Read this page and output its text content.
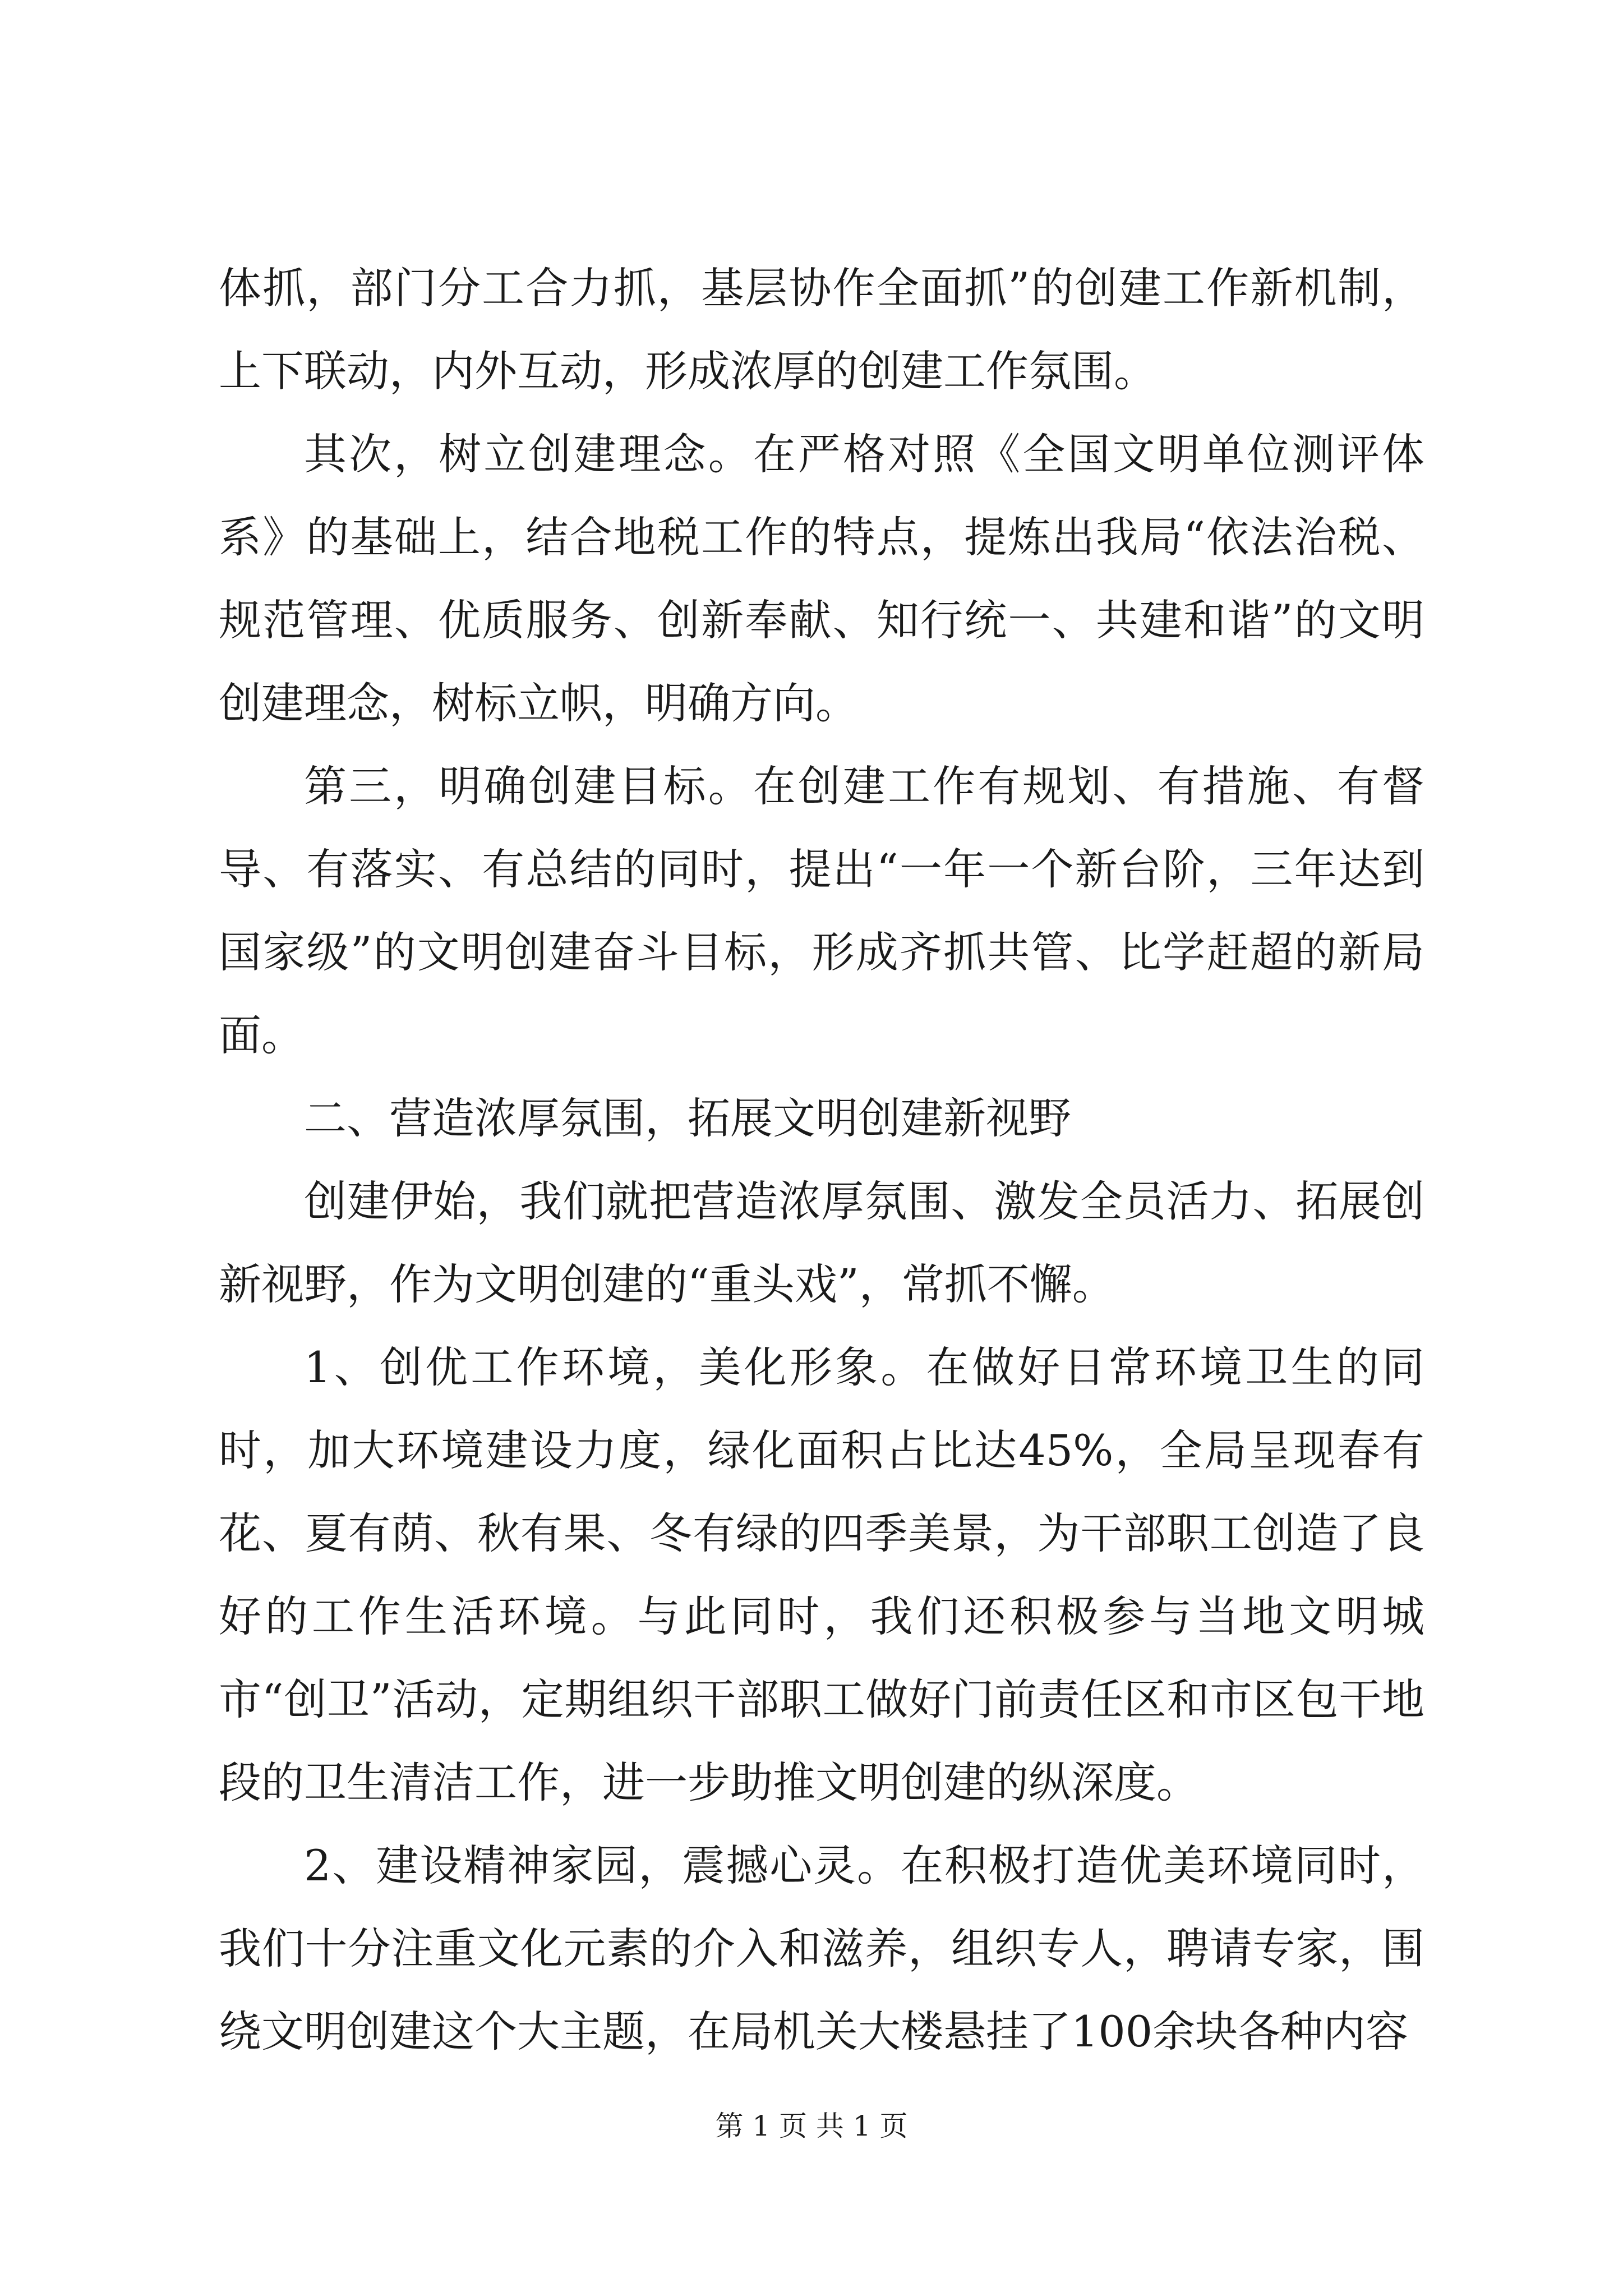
体抓，部门分工合力抓，基层协作全面抓”的创建工作新机制，上下联动，内外互动，形成浓厚的创建工作氛围。

其次，树立创建理念。在严格对照《全国文明单位测评体系》的基础上，结合地税工作的特点，提炼出我局“依法治税、规范管理、优质服务、创新奉献、知行统一、共建和谐”的文明创建理念，树标立帜，明确方向。

第三，明确创建目标。在创建工作有规划、有措施、有督导、有落实、有总结的同时，提出“一年一个新台阶，三年达到国家级”的文明创建奋斗目标，形成齐抓共管、比学赶超的新局面。

二、营造浓厚氛围，拓展文明创建新视野

创建伊始，我们就把营造浓厚氛围、激发全员活力、拓展创新视野，作为文明创建的“重头戏”，常抓不懈。

1、创优工作环境，美化形象。在做好日常环境卫生的同时，加大环境建设力度，绿化面积占比达45%，全局呈现春有花、夏有荫、秋有果、冬有绿的四季美景，为干部职工创造了良好的工作生活环境。与此同时，我们还积极参与当地文明城市“创卫”活动，定期组织干部职工做好门前责任区和市区包干地段的卫生清洁工作，进一步助推文明创建的纵深度。

2、建设精神家园，震撼心灵。在积极打造优美环境同时，我们十分注重文化元素的介入和滋养，组织专人，聘请专家，围绕文明创建这个大主题，在局机关大楼悬挂了100余块各种内容

第 1 页 共 1 页
